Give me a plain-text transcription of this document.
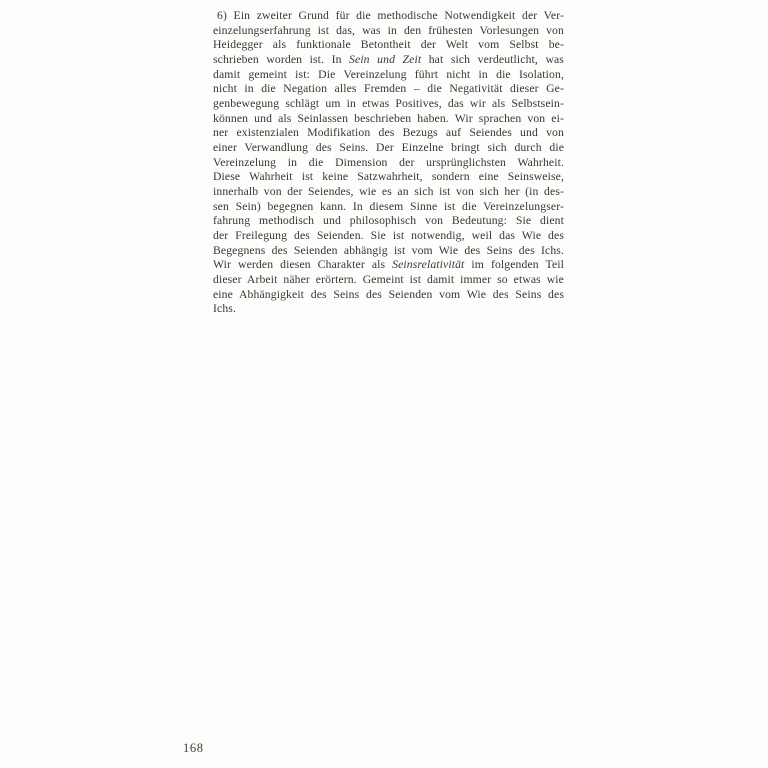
6) Ein zweiter Grund für die methodische Notwendigkeit der Ver-
einzelungserfahrung ist das, was in den frühesten Vorlesungen von
Heidegger als funktionale Betontheit der Welt vom Selbst be-
schrieben worden ist. In Sein und Zeit hat sich verdeutlicht, was
damit gemeint ist: Die Vereinzelung führt nicht in die Isolation,
nicht in die Negation alles Fremden – die Negativität dieser Ge-
genbewegung schlägt um in etwas Positives, das wir als Selbstsein-
können und als Seinlassen beschrieben haben. Wir sprachen von ei-
ner existenzialen Modifikation des Bezugs auf Seiendes und von
einer Verwandlung des Seins. Der Einzelne bringt sich durch die
Vereinzelung in die Dimension der ursprünglichsten Wahrheit.
Diese Wahrheit ist keine Satzwahrheit, sondern eine Seinsweise,
innerhalb von der Seiendes, wie es an sich ist von sich her (in des-
sen Sein) begegnen kann. In diesem Sinne ist die Vereinzelungser-
fahrung methodisch und philosophisch von Bedeutung: Sie dient
der Freilegung des Seienden. Sie ist notwendig, weil das Wie des
Begegnens des Seienden abhängig ist vom Wie des Seins des Ichs.
Wir werden diesen Charakter als Seinsrelativität im folgenden Teil
dieser Arbeit näher erörtern. Gemeint ist damit immer so etwas wie
eine Abhängigkeit des Seins des Seienden vom Wie des Seins des
Ichs.
168
